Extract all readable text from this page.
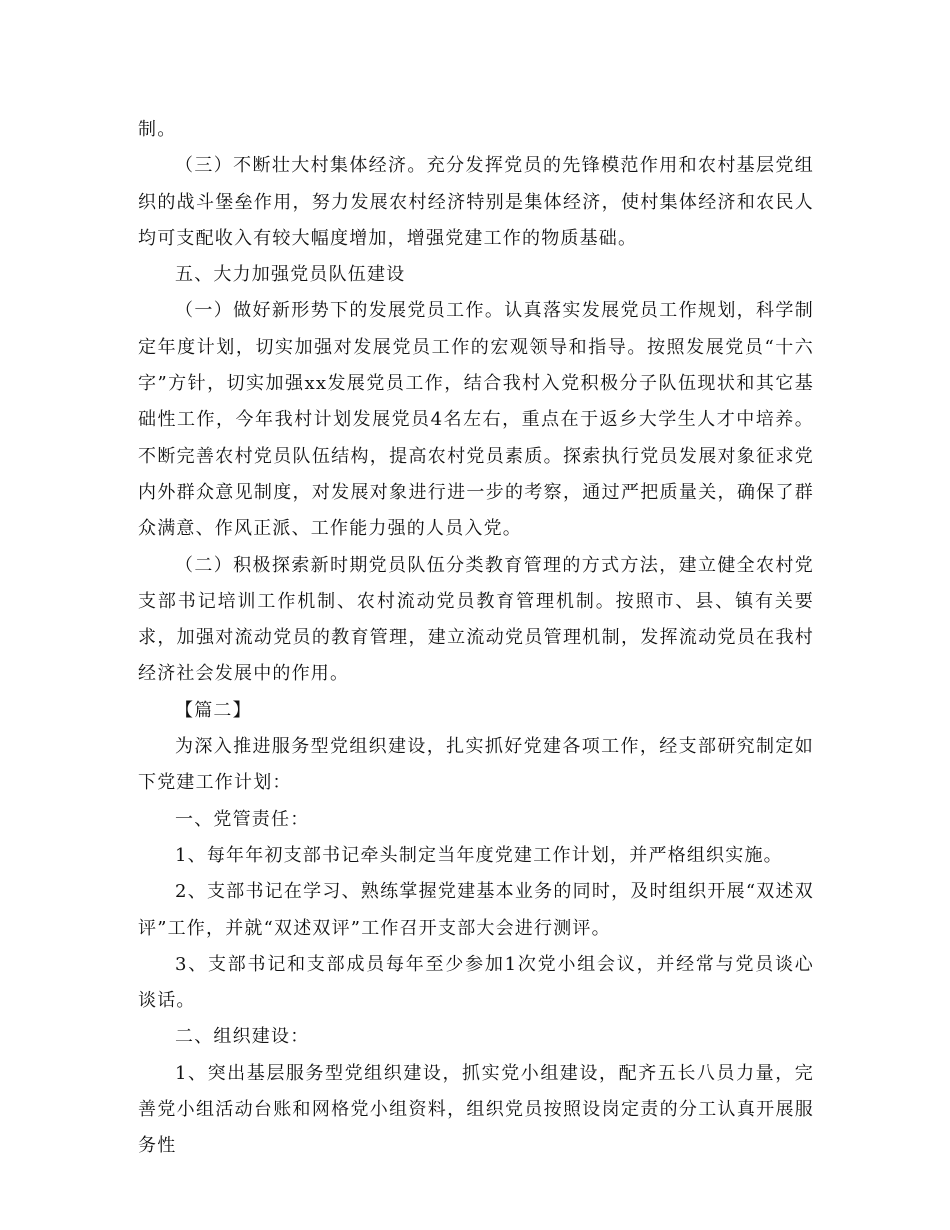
制。

（三）不断壮大村集体经济。充分发挥党员的先锋模范作用和农村基层党组织的战斗堡垒作用，努力发展农村经济特别是集体经济，使村集体经济和农民人均可支配收入有较大幅度增加，增强党建工作的物质基础。

五、大力加强党员队伍建设

（一）做好新形势下的发展党员工作。认真落实发展党员工作规划，科学制定年度计划，切实加强对发展党员工作的宏观领导和指导。按照发展党员“十六字”方针，切实加强xx发展党员工作，结合我村入党积极分子队伍现状和其它基础性工作，今年我村计划发展党员4名左右，重点在于返乡大学生人才中培养。不断完善农村党员队伍结构，提高农村党员素质。探索执行党员发展对象征求党内外群众意见制度，对发展对象进行进一步的考察，通过严把质量关，确保了群众满意、作风正派、工作能力强的人员入党。

（二）积极探索新时期党员队伍分类教育管理的方式方法，建立健全农村党支部书记培训工作机制、农村流动党员教育管理机制。按照市、县、镇有关要求，加强对流动党员的教育管理，建立流动党员管理机制，发挥流动党员在我村经济社会发展中的作用。

【篇二】

为深入推进服务型党组织建设，扎实抓好党建各项工作，经支部研究制定如下党建工作计划：

一、党管责任：

1、每年年初支部书记牵头制定当年度党建工作计划，并严格组织实施。

2、支部书记在学习、熟练掌握党建基本业务的同时，及时组织开展“双述双评”工作，并就“双述双评”工作召开支部大会进行测评。

3、支部书记和支部成员每年至少参加1次党小组会议，并经常与党员谈心谈话。

二、组织建设：

1、突出基层服务型党组织建设，抓实党小组建设，配齐五长八员力量，完善党小组活动台账和网格党小组资料，组织党员按照设岗定责的分工认真开展服务性
